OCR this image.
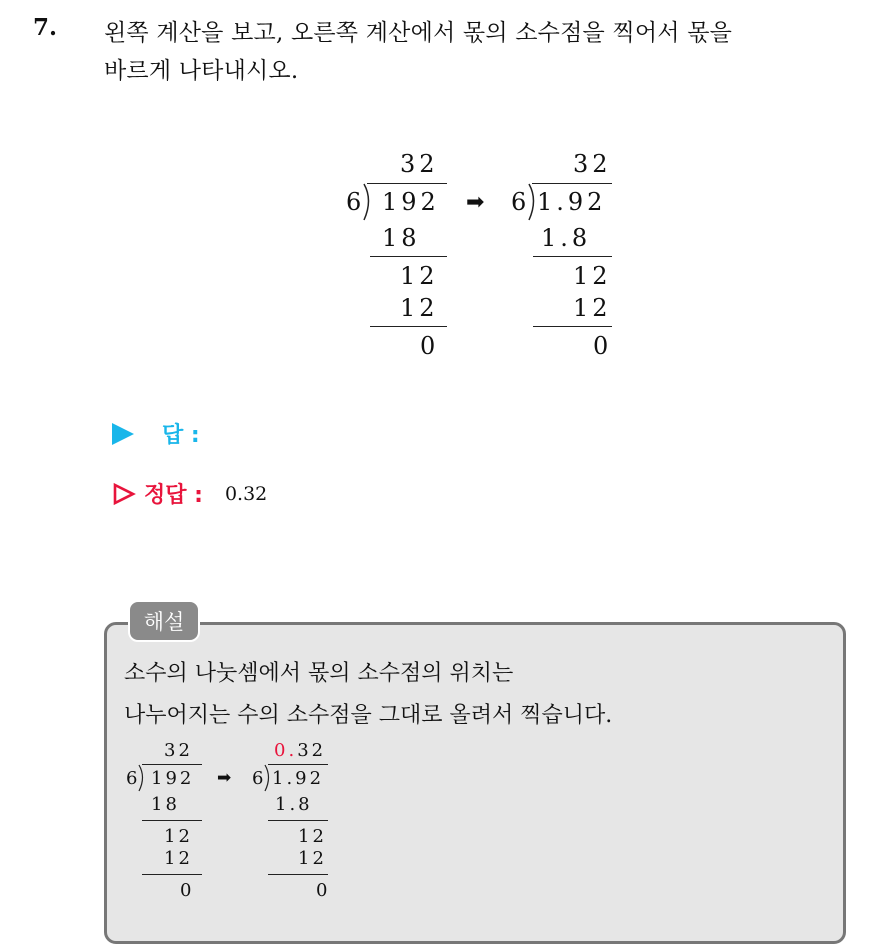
7. 왼쪽 계산을 보고, 오른쪽 계산에서 몫의 소수점을 찍어서 몫을
바르게 나타내시오.
32
6 192
18
12
12
0
➡
32
6 1.92
1.8
12
12
0
답 :
정답 : 0.32
해설
소수의 나눗셈에서 몫의 소수점의 위치는
나누어지는 수의 소수점을 그대로 올려서 찍습니다.
32
6 192
18
12
12
0
➡
0.32
6 1.92
1.8
12
12
0
